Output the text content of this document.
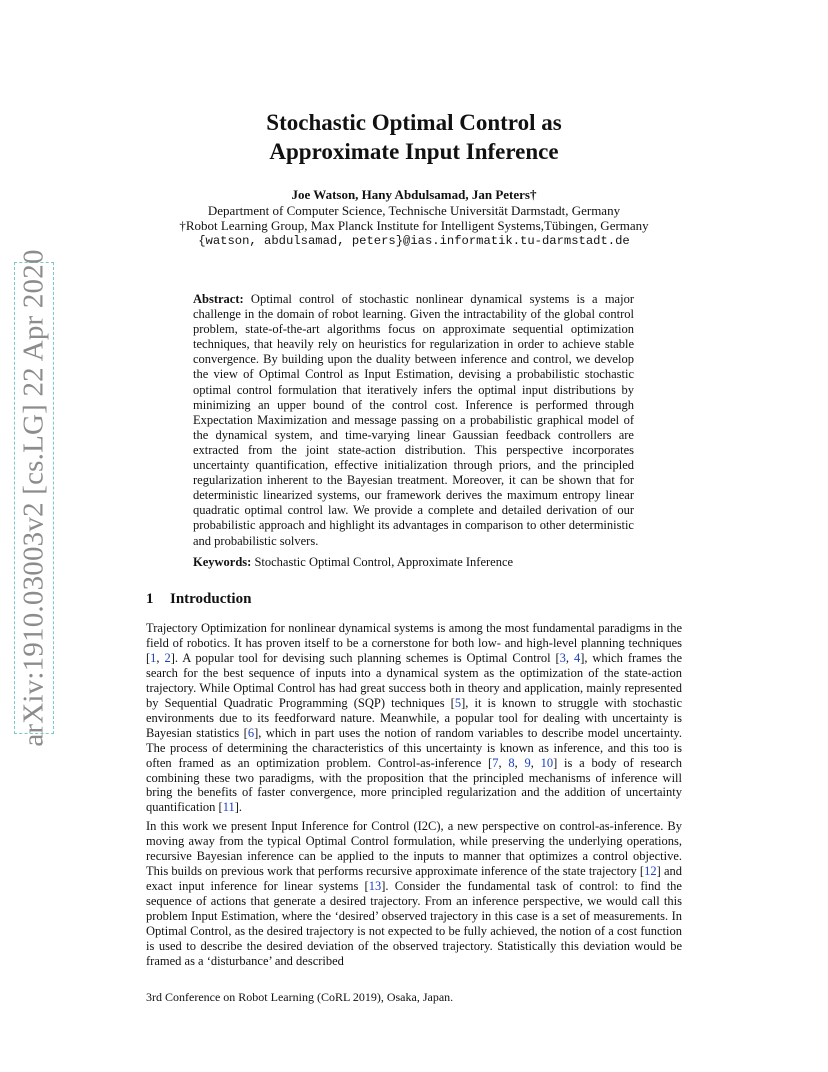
arXiv:1910.03003v2 [cs.LG] 22 Apr 2020
Stochastic Optimal Control as
Approximate Input Inference
Joe Watson, Hany Abdulsamad, Jan Peters†
Department of Computer Science, Technische Universität Darmstadt, Germany
†Robot Learning Group, Max Planck Institute for Intelligent Systems,Tübingen, Germany
{watson, abdulsamad, peters}@ias.informatik.tu-darmstadt.de

Abstract: Optimal control of stochastic nonlinear dynamical systems is a major challenge in the domain of robot learning. Given the intractability of the global control problem, state-of-the-art algorithms focus on approximate sequential optimization techniques, that heavily rely on heuristics for regularization in order to achieve stable convergence. By building upon the duality between inference and control, we develop the view of Optimal Control as Input Estimation, devising a probabilistic stochastic optimal control formulation that iteratively infers the optimal input distributions by minimizing an upper bound of the control cost. Inference is performed through Expectation Maximization and message passing on a probabilistic graphical model of the dynamical system, and time-varying linear Gaussian feedback controllers are extracted from the joint state-action distribution. This perspective incorporates uncertainty quantification, effective initialization through priors, and the principled regularization inherent to the Bayesian treatment. Moreover, it can be shown that for deterministic linearized systems, our framework derives the maximum entropy linear quadratic optimal control law. We provide a complete and detailed derivation of our probabilistic approach and highlight its advantages in comparison to other deterministic and probabilistic solvers.

Keywords: Stochastic Optimal Control, Approximate Inference

1 Introduction

Trajectory Optimization for nonlinear dynamical systems is among the most fundamental paradigms in the field of robotics. It has proven itself to be a cornerstone for both low- and high-level planning techniques [1, 2]. A popular tool for devising such planning schemes is Optimal Control [3, 4], which frames the search for the best sequence of inputs into a dynamical system as the optimization of the state-action trajectory. While Optimal Control has had great success both in theory and application, mainly represented by Sequential Quadratic Programming (SQP) techniques [5], it is known to struggle with stochastic environments due to its feedforward nature. Meanwhile, a popular tool for dealing with uncertainty is Bayesian statistics [6], which in part uses the notion of random variables to describe model uncertainty. The process of determining the characteristics of this uncertainty is known as inference, and this too is often framed as an optimization problem. Control-as-inference [7, 8, 9, 10] is a body of research combining these two paradigms, with the proposition that the principled mechanisms of inference will bring the benefits of faster convergence, more principled regularization and the addition of uncertainty quantification [11].

In this work we present Input Inference for Control (I2C), a new perspective on control-as-inference. By moving away from the typical Optimal Control formulation, while preserving the underlying operations, recursive Bayesian inference can be applied to the inputs to manner that optimizes a control objective. This builds on previous work that performs recursive approximate inference of the state trajectory [12] and exact input inference for linear systems [13]. Consider the fundamental task of control: to find the sequence of actions that generate a desired trajectory. From an inference perspective, we would call this problem Input Estimation, where the ‘desired’ observed trajectory in this case is a set of measurements. In Optimal Control, as the desired trajectory is not expected to be fully achieved, the notion of a cost function is used to describe the desired deviation of the observed trajectory. Statistically this deviation would be framed as a ‘disturbance’ and described

3rd Conference on Robot Learning (CoRL 2019), Osaka, Japan.
